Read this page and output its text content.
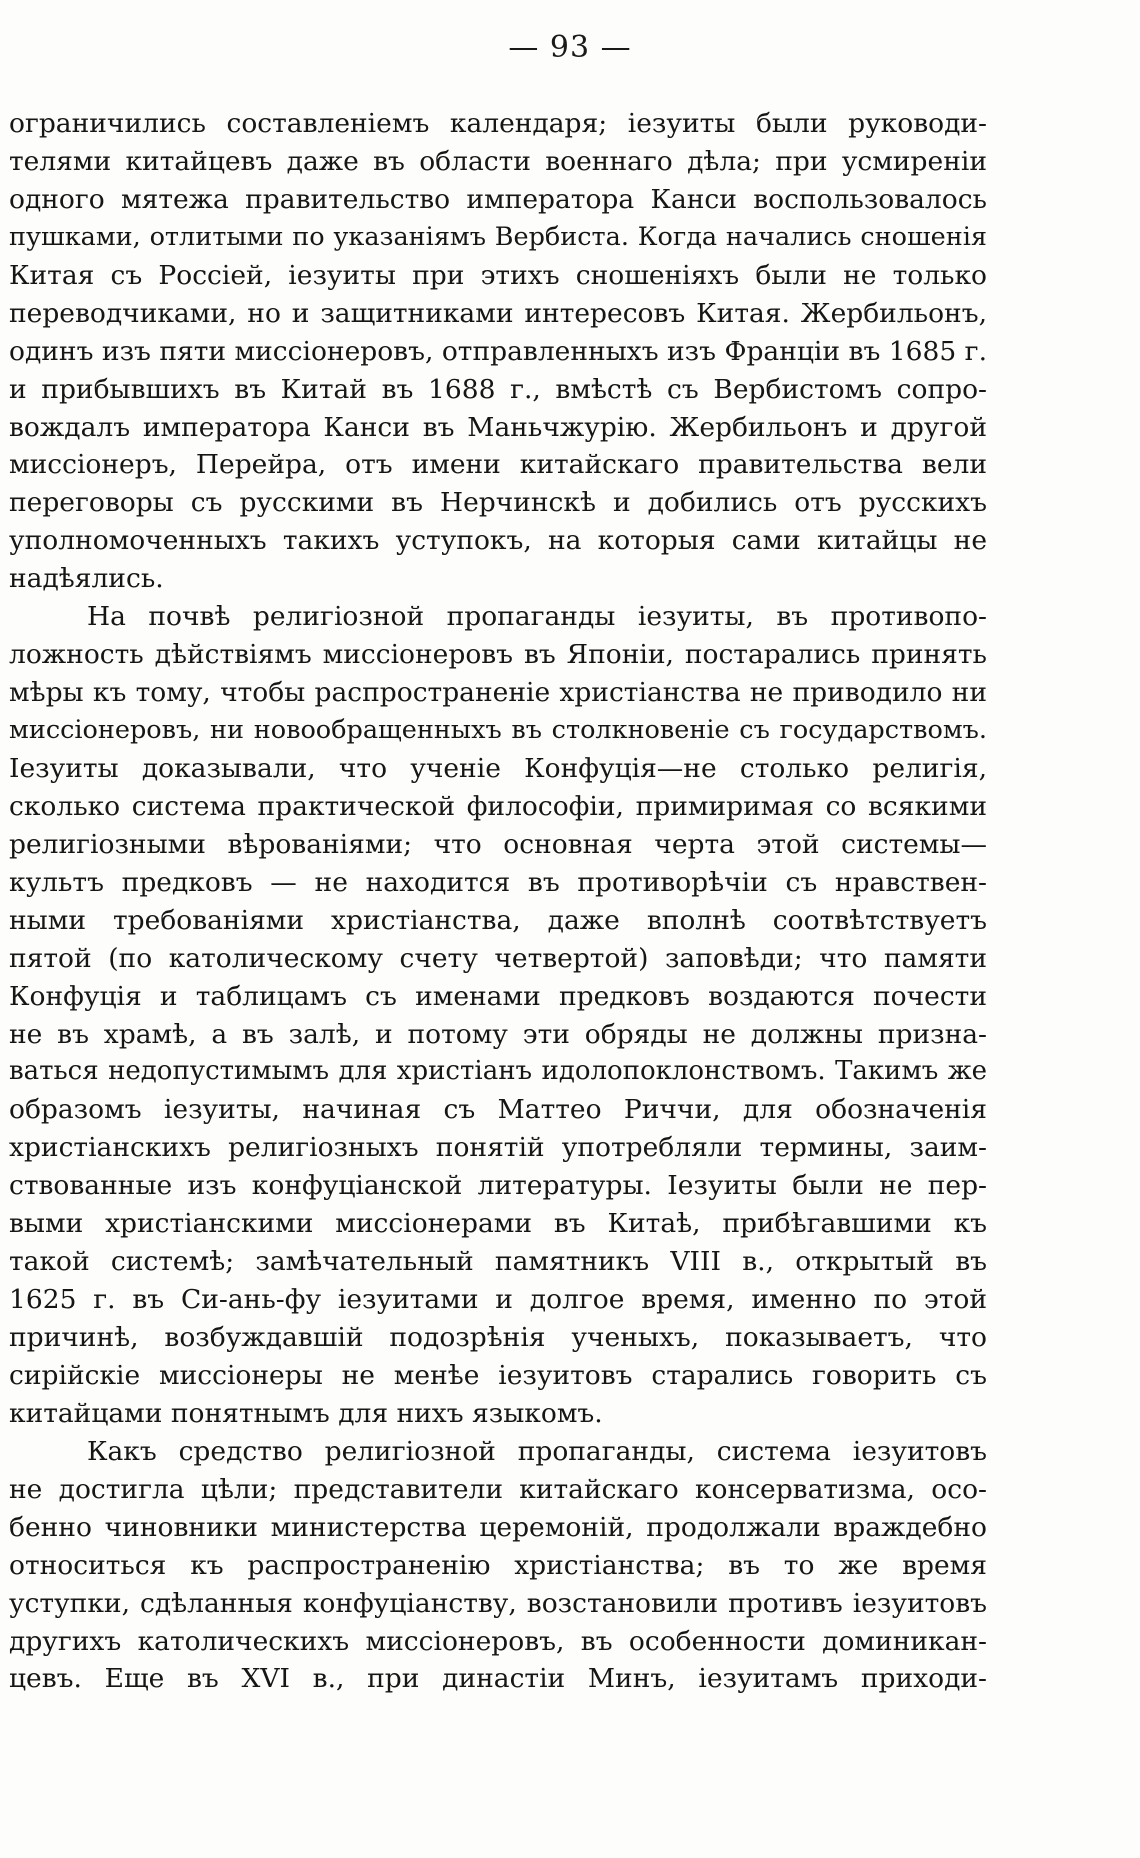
— 93 —
ограничились составленіемъ календаря; іезуиты были руководи-
телями китайцевъ даже въ области военнаго дѣла; при усмиреніи
одного мятежа правительство императора Канси воспользовалось
пушками, отлитыми по указаніямъ Вербиста. Когда начались сношенія
Китая съ Россіей, іезуиты при этихъ сношеніяхъ были не только
переводчиками, но и защитниками интересовъ Китая. Жербильонъ,
одинъ изъ пяти миссіонеровъ, отправленныхъ изъ Франціи въ 1685 г.
и прибывшихъ въ Китай въ 1688 г., вмѣстѣ съ Вербистомъ сопро-
вождалъ императора Канси въ Маньчжурію. Жербильонъ и другой
миссіонеръ, Перейра, отъ имени китайскаго правительства вели
переговоры съ русскими въ Нерчинскѣ и добились отъ русскихъ
уполномоченныхъ такихъ уступокъ, на которыя сами китайцы не
надѣялись.
На почвѣ религіозной пропаганды іезуиты, въ противопо-
ложность дѣйствіямъ миссіонеровъ въ Японіи, постарались принять
мѣры къ тому, чтобы распространеніе христіанства не приводило ни
миссіонеровъ, ни новообращенныхъ въ столкновеніе съ государствомъ.
Іезуиты доказывали, что ученіе Конфуція—не столько религія,
сколько система практической философіи, примиримая со всякими
религіозными вѣрованіями; что основная черта этой системы—
культъ предковъ — не находится въ противорѣчіи съ нравствен-
ными требованіями христіанства, даже вполнѣ соотвѣтствуетъ
пятой (по католическому счету четвертой) заповѣди; что памяти
Конфуція и таблицамъ съ именами предковъ воздаются почести
не въ храмѣ, а въ залѣ, и потому эти обряды не должны призна-
ваться недопустимымъ для христіанъ идолопоклонствомъ. Такимъ же
образомъ іезуиты, начиная съ Маттео Риччи, для обозначенія
христіанскихъ религіозныхъ понятій употребляли термины, заим-
ствованные изъ конфуціанской литературы. Іезуиты были не пер-
выми христіанскими миссіонерами въ Китаѣ, прибѣгавшими къ
такой системѣ; замѣчательный памятникъ VIII в., открытый въ
1625 г. въ Си-ань-фу іезуитами и долгое время, именно по этой
причинѣ, возбуждавшій подозрѣнія ученыхъ, показываетъ, что
сирійскіе миссіонеры не менѣе іезуитовъ старались говорить съ
китайцами понятнымъ для нихъ языкомъ.
Какъ средство религіозной пропаганды, система іезуитовъ
не достигла цѣли; представители китайскаго консерватизма, осо-
бенно чиновники министерства церемоній, продолжали враждебно
относиться къ распространенію христіанства; въ то же время
уступки, сдѣланныя конфуціанству, возстановили противъ іезуитовъ
другихъ католическихъ миссіонеровъ, въ особенности доминикан-
цевъ. Еще въ XVI в., при династіи Минъ, іезуитамъ приходи-
